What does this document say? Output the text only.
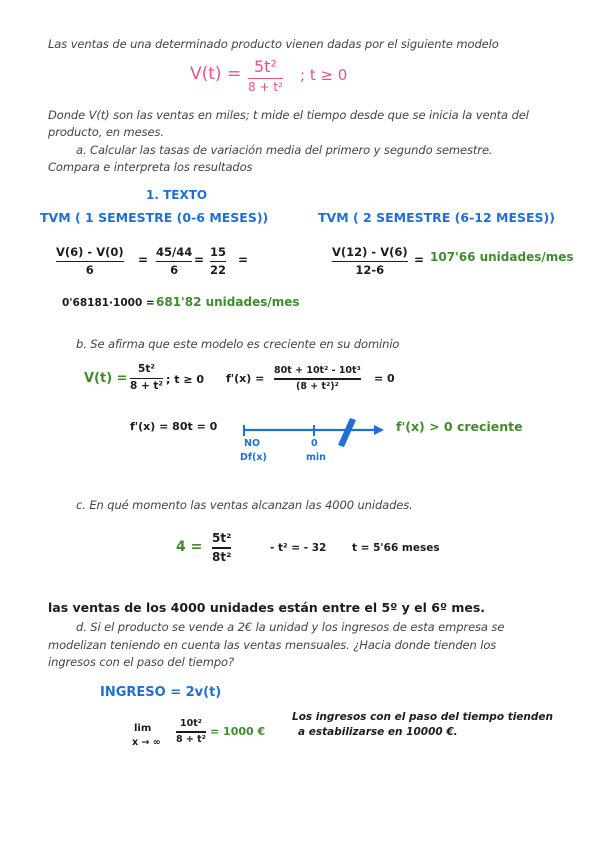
Las ventas de una determinado producto vienen dadas por el siguiente modelo
V(t) = 5t²
8 + t²
; t ≥ 0
Donde V(t) son las ventas en miles; t mide el tiempo desde que se inicia la venta del
producto, en meses.
a. Calcular las tasas de variación media del primero y segundo semestre.
Compara e interpreta los resultados
1. TEXTO
TVM ( 1 SEMESTRE (0-6 MESES))	TVM ( 2 SEMESTRE (6-12 MESES))
V(6) - V(0)
6
=
45/44
6
=
15
22
=
V(12) - V(6)
12-6
= 107'66 unidades/mes
0'68181·1000 = 681'82 unidades/mes
b. Se afirma que este modelo es creciente en su dominio
V(t) =
5t²
8 + t²
; t ≥ 0 f'(x) =
80t + 10t² - 10t³
(8 + t²)²
= 0
f'(x) = 80t = 0
NO
Df(x)
0
min
f'(x) > 0 creciente
c. En qué momento las ventas alcanzan las 4000 unidades.
4 =
5t²
8t²
- t² = - 32 t = 5'66 meses
las ventas de los 4000 unidades están entre el 5º y el 6º mes.
d. Si el producto se vende a 2€ la unidad y los ingresos de esta empresa se
modelizan teniendo en cuenta las ventas mensuales. ¿Hacia donde tienden los
ingresos con el paso del tiempo?
INGRESO = 2v(t)
lim
x → ∞
10t²
8 + t²
= 1000 €
Los ingresos con el paso del tiempo tienden
a estabilizarse en 10000 €.
